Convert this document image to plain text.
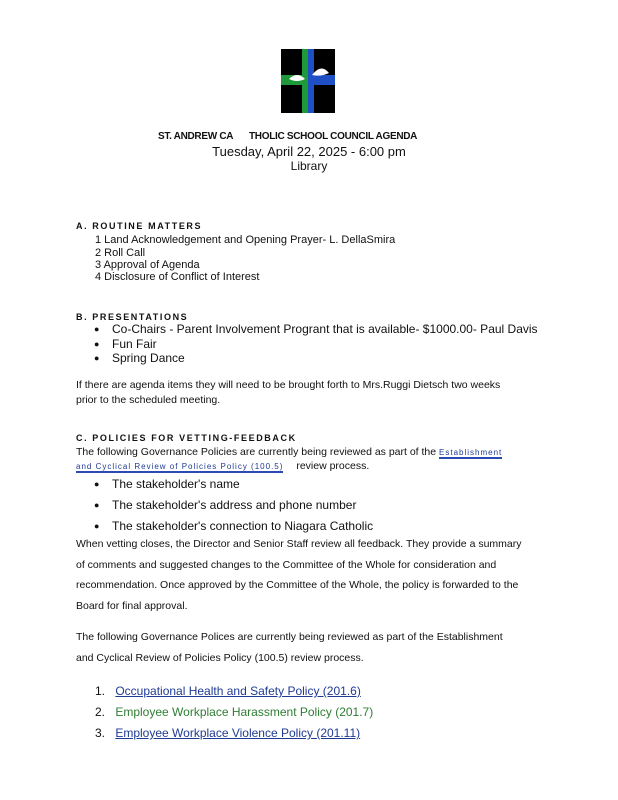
ST. ANDREW CA THOLIC SCHOOL COUNCIL AGENDA
Tuesday, April 22, 2025 - 6:00 pm
Library
A. ROUTINE MATTERS
1 Land Acknowledgement and Opening Prayer- L. DellaSmira
2 Roll Call
3 Approval of Agenda
4 Disclosure of Conflict of Interest
B. PRESENTATIONS
● Co-Chairs - Parent Involvement Progrant that is available- $1000.00- Paul Davis
● Fun Fair
● Spring Dance
If there are agenda items they will need to be brought forth to Mrs.Ruggi Dietsch two weeks
prior to the scheduled meeting.
C. POLICIES FOR VETTING-FEEDBACK
The following Governance Policies are currently being reviewed as part of the Establishment
and Cyclical Review of Policies Policy (100.5) review process.
● The stakeholder's name
● The stakeholder's address and phone number
● The stakeholder's connection to Niagara Catholic
When vetting closes, the Director and Senior Staff review all feedback. They provide a summary
of comments and suggested changes to the Committee of the Whole for consideration and
recommendation. Once approved by the Committee of the Whole, the policy is forwarded to the
Board for final approval.
The following Governance Polices are currently being reviewed as part of the Establishment
and Cyclical Review of Policies Policy (100.5) review process.
1. Occupational Health and Safety Policy (201.6)
2. Employee Workplace Harassment Policy (201.7)
3. Employee Workplace Violence Policy (201.11)
